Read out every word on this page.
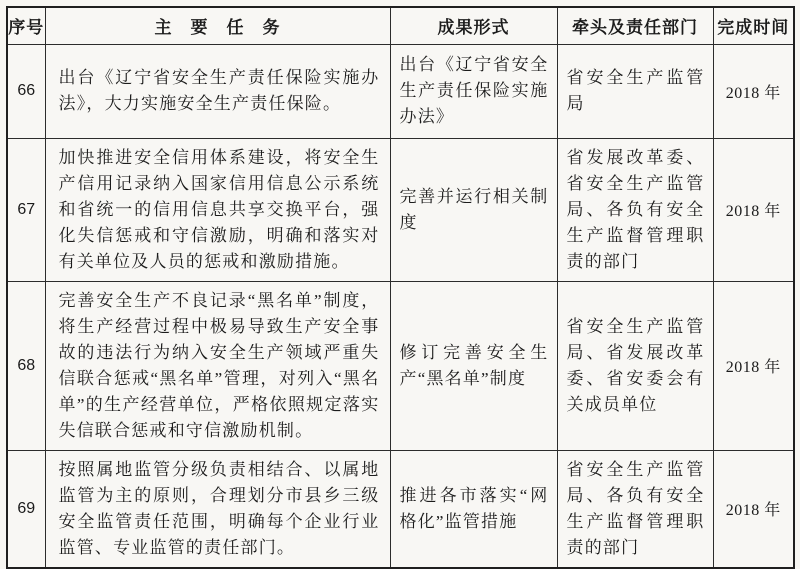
序号	主　要　任　务	成果形式	牵头及责任部门	完成时间
66	出台《辽宁省安全生产责任保险实施办法》，大力实施安全生产责任保险。	出台《辽宁省安全生产责任保险实施办法》	省安全生产监管局	2018 年
67	加快推进安全信用体系建设，将安全生产信用记录纳入国家信用信息公示系统和省统一的信用信息共享交换平台，强化失信惩戒和守信激励，明确和落实对有关单位及人员的惩戒和激励措施。	完善并运行相关制度	省发展改革委、省安全生产监管局、各负有安全生产监督管理职责的部门	2018 年
68	完善安全生产不良记录“黑名单”制度，将生产经营过程中极易导致生产安全事故的违法行为纳入安全生产领域严重失信联合惩戒“黑名单”管理，对列入“黑名单”的生产经营单位，严格依照规定落实失信联合惩戒和守信激励机制。	修订完善安全生产“黑名单”制度	省安全生产监管局、省发展改革委、省安委会有关成员单位	2018 年
69	按照属地监管分级负责相结合、以属地监管为主的原则，合理划分市县乡三级安全监管责任范围，明确每个企业行业监管、专业监管的责任部门。	推进各市落实“网格化”监管措施	省安全生产监管局、各负有安全生产监督管理职责的部门	2018 年
